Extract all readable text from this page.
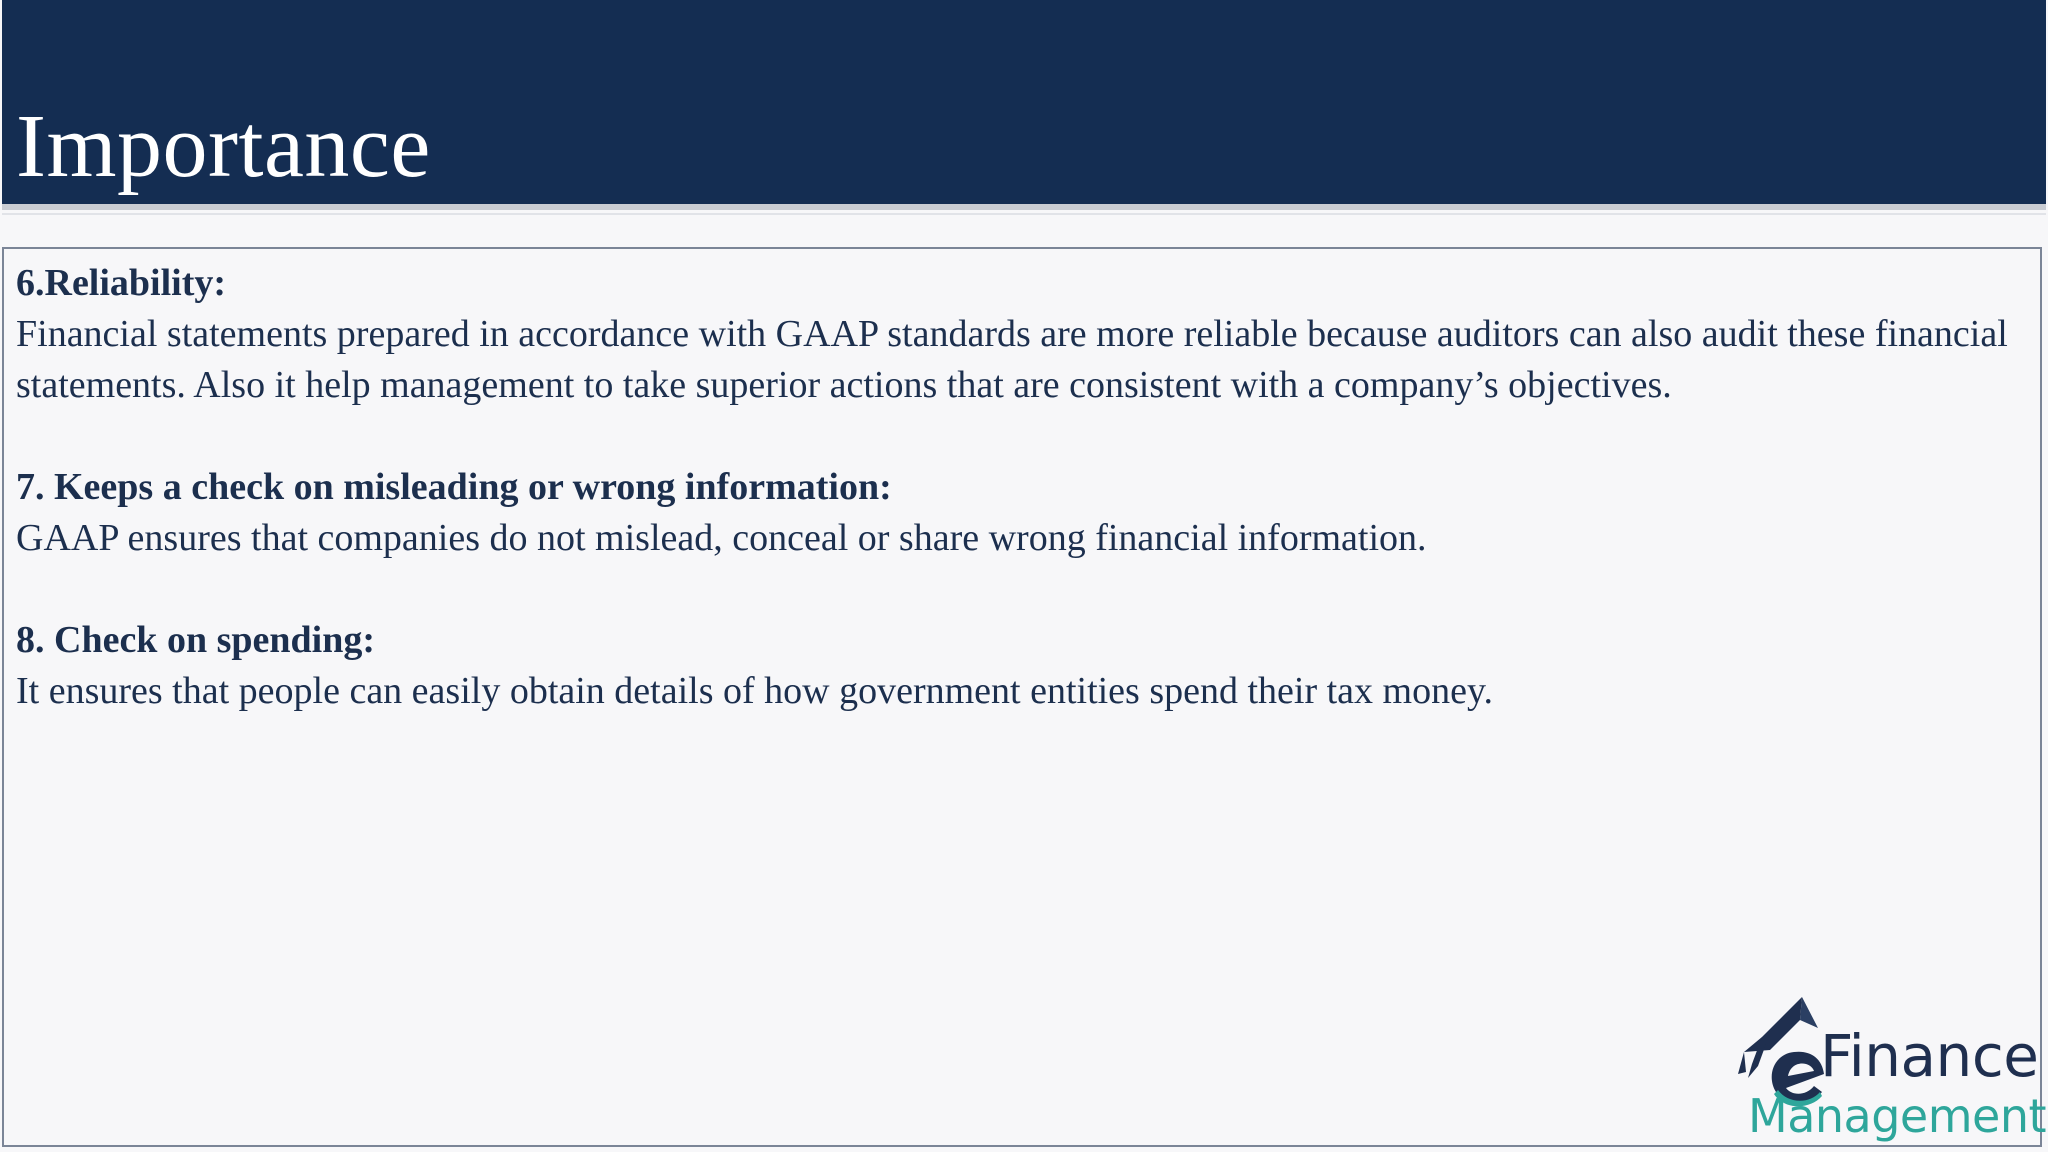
Importance

6.Reliability:

Financial statements prepared in accordance with GAAP standards are more reliable because auditors can also audit these financial statements. Also it help management to take superior actions that are consistent with a company’s objectives.

7. Keeps a check on misleading or wrong information:

GAAP ensures that companies do not mislead, conceal or share wrong financial information.

8. Check on spending:

It ensures that people can easily obtain details of how government entities spend their tax money.

Finance
Management
